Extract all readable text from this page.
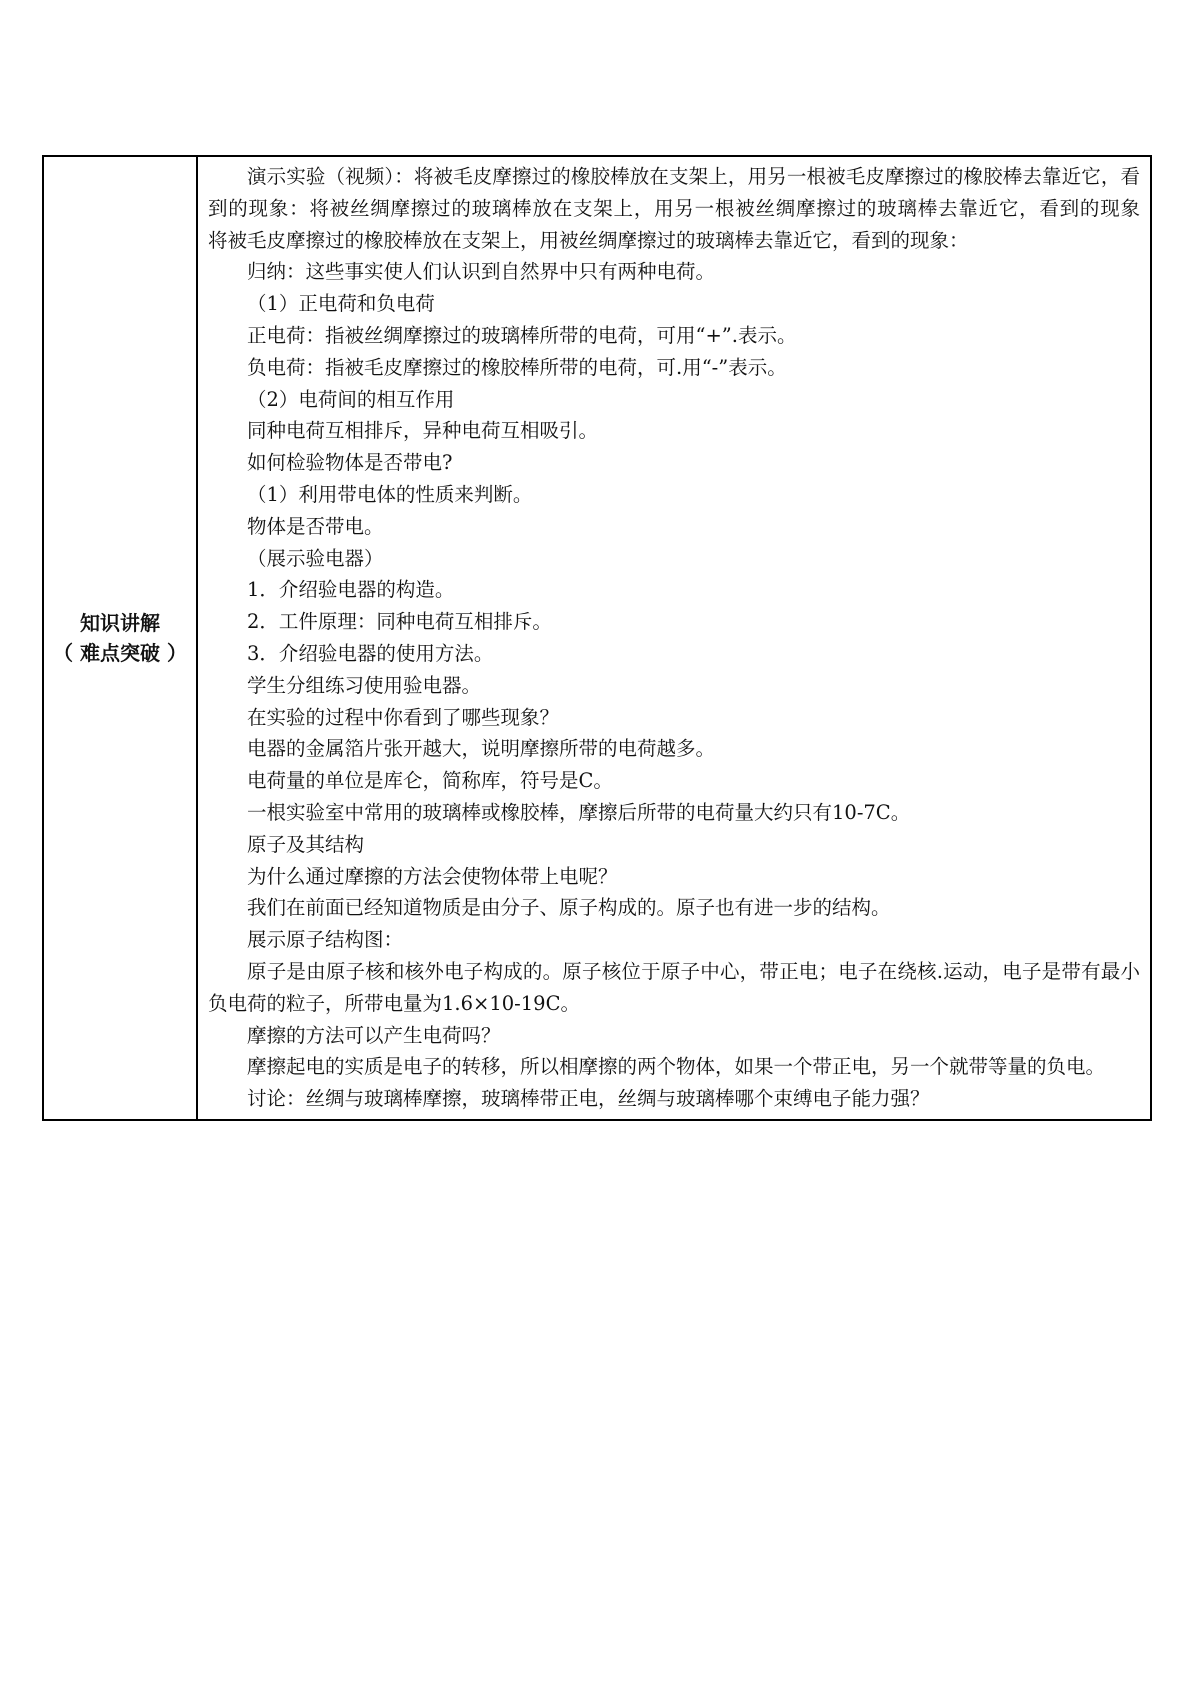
知识讲解
（ 难点突破 ）

演示实验（视频）：将被毛皮摩擦过的橡胶棒放在支架上，用另一根被毛皮摩擦过的橡胶棒去靠近它，看到的现象：将被丝绸摩擦过的玻璃棒放在支架上，用另一根被丝绸摩擦过的玻璃棒去靠近它，看到的现象　将被毛皮摩擦过的橡胶棒放在支架上，用被丝绸摩擦过的玻璃棒去靠近它，看到的现象：

归纳：这些事实使人们认识到自然界中只有两种电荷。

（1）正电荷和负电荷

正电荷：指被丝绸摩擦过的玻璃棒所带的电荷，可用“+”.表示。

负电荷：指被毛皮摩擦过的橡胶棒所带的电荷，可.用“-”表示。

（2）电荷间的相互作用

同种电荷互相排斥，异种电荷互相吸引。

如何检验物体是否带电?

（1）利用带电体的性质来判断。

物体是否带电。

（展示验电器）

1．介绍验电器的构造。

2．工件原理：同种电荷互相排斥。

3．介绍验电器的使用方法。

学生分组练习使用验电器。

在实验的过程中你看到了哪些现象？

电器的金属箔片张开越大，说明摩擦所带的电荷越多。

电荷量的单位是库仑，简称库，符号是C。

一根实验室中常用的玻璃棒或橡胶棒，摩擦后所带的电荷量大约只有10-7C。

原子及其结构

为什么通过摩擦的方法会使物体带上电呢？

我们在前面已经知道物质是由分子、原子构成的。原子也有进一步的结构。

展示原子结构图：

原子是由原子核和核外电子构成的。原子核位于原子中心，带正电；电子在绕核.运动，电子是带有最小负电荷的粒子，所带电量为1.6×10-19C。

摩擦的方法可以产生电荷吗？

摩擦起电的实质是电子的转移，所以相摩擦的两个物体，如果一个带正电，另一个就带等量的负电。

讨论：丝绸与玻璃棒摩擦，玻璃棒带正电，丝绸与玻璃棒哪个束缚电子能力强？
